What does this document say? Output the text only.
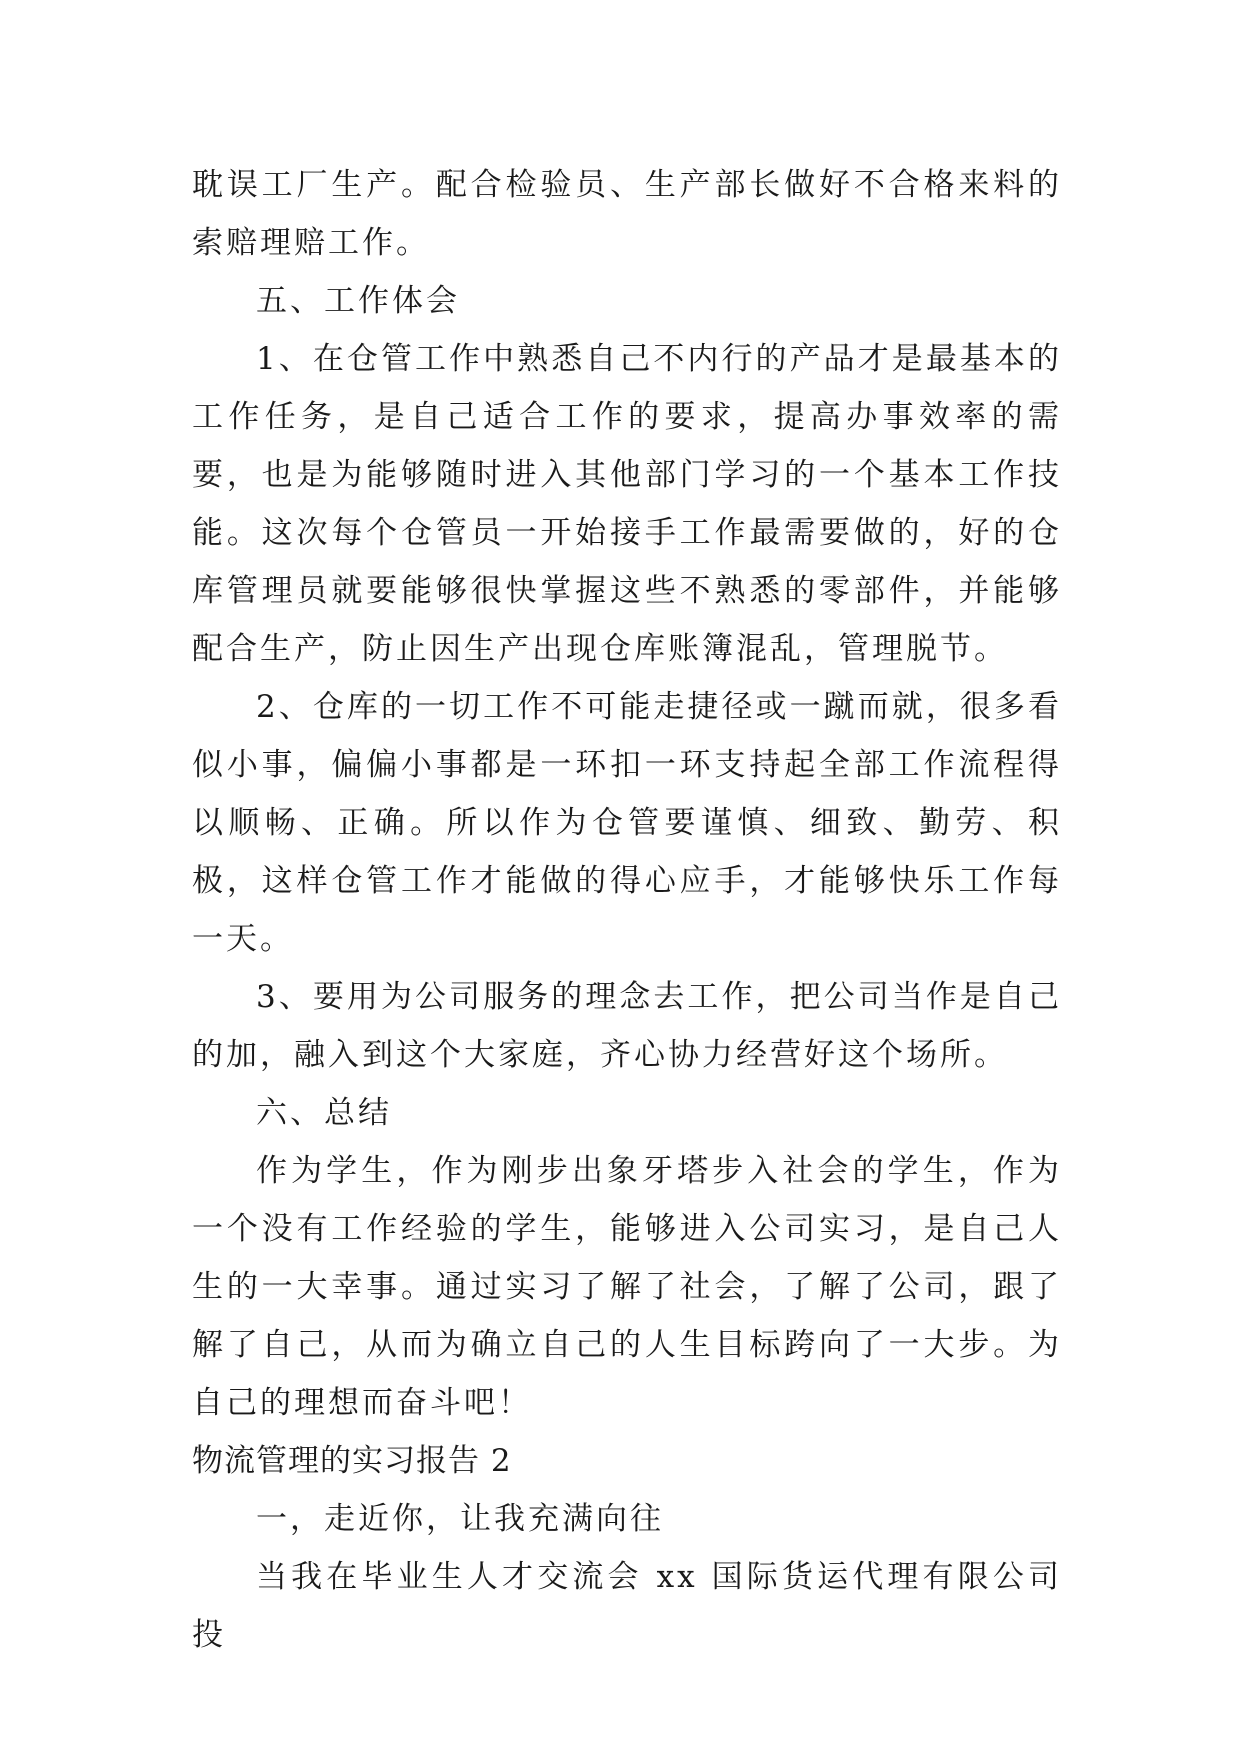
耽误工厂生产。配合检验员、生产部长做好不合格来料的索赔理赔工作。

五、工作体会

1、在仓管工作中熟悉自己不内行的产品才是最基本的工作任务，是自己适合工作的要求，提高办事效率的需要，也是为能够随时进入其他部门学习的一个基本工作技能。这次每个仓管员一开始接手工作最需要做的，好的仓库管理员就要能够很快掌握这些不熟悉的零部件，并能够配合生产，防止因生产出现仓库账簿混乱，管理脱节。

2、仓库的一切工作不可能走捷径或一蹴而就，很多看似小事，偏偏小事都是一环扣一环支持起全部工作流程得以顺畅、正确。所以作为仓管要谨慎、细致、勤劳、积极，这样仓管工作才能做的得心应手，才能够快乐工作每一天。

3、要用为公司服务的理念去工作，把公司当作是自己的加，融入到这个大家庭，齐心协力经营好这个场所。

六、总结

作为学生，作为刚步出象牙塔步入社会的学生，作为一个没有工作经验的学生，能够进入公司实习，是自己人生的一大幸事。通过实习了解了社会，了解了公司，跟了解了自己，从而为确立自己的人生目标跨向了一大步。为自己的理想而奋斗吧！

物流管理的实习报告 2

一，走近你，让我充满向往

当我在毕业生人才交流会 xx 国际货运代理有限公司投
